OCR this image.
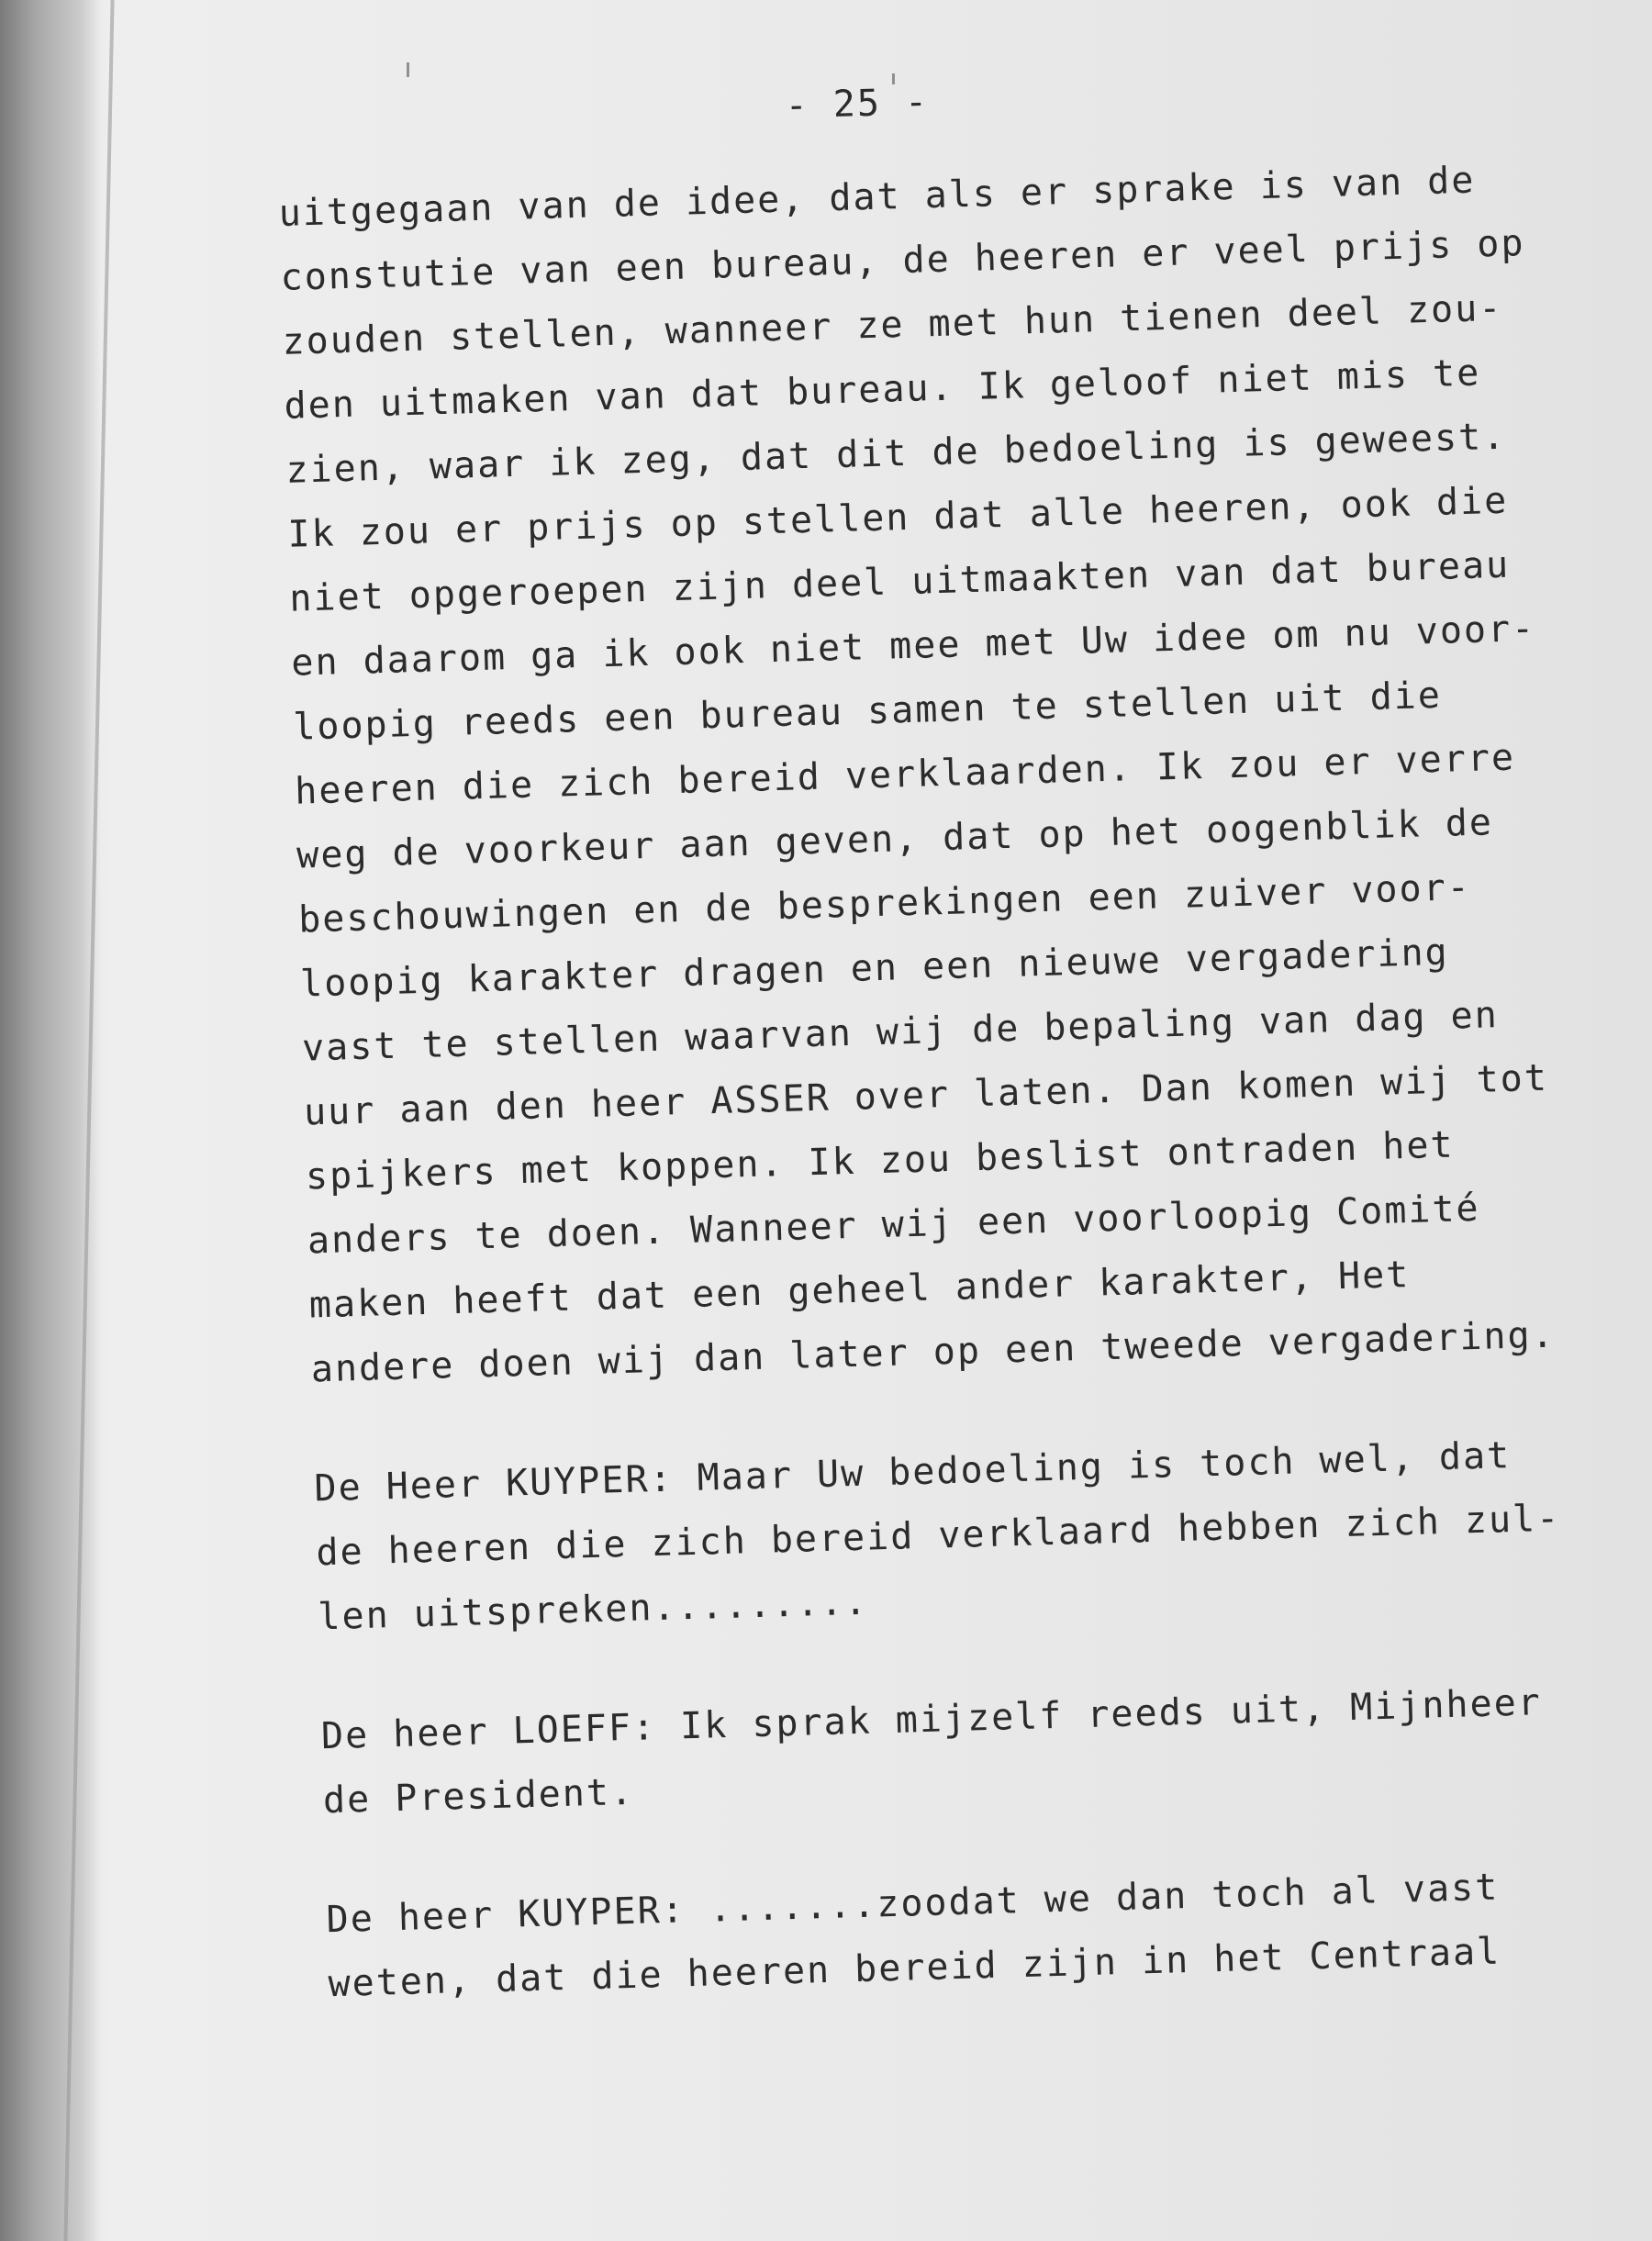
- 25 -
uitgegaan van de idee, dat als er sprake is van de
constutie van een bureau, de heeren er veel prijs op
zouden stellen, wanneer ze met hun tienen deel zou-
den uitmaken van dat bureau. Ik geloof niet mis te
zien, waar ik zeg, dat dit de bedoeling is geweest.
Ik zou er prijs op stellen dat alle heeren, ook die
niet opgeroepen zijn deel uitmaakten van dat bureau
en daarom ga ik ook niet mee met Uw idee om nu voor-
loopig reeds een bureau samen te stellen uit die
heeren die zich bereid verklaarden. Ik zou er verre
weg de voorkeur aan geven, dat op het oogenblik de
beschouwingen en de besprekingen een zuiver voor-
loopig karakter dragen en een nieuwe vergadering
vast te stellen waarvan wij de bepaling van dag en
uur aan den heer ASSER over laten. Dan komen wij tot
spijkers met koppen. Ik zou beslist ontraden het
anders te doen. Wanneer wij een voorloopig Comité
maken heeft dat een geheel ander karakter, Het
andere doen wij dan later op een tweede vergadering.
De Heer KUYPER: Maar Uw bedoeling is toch wel, dat
de heeren die zich bereid verklaard hebben zich zul-
len uitspreken.........
De heer LOEFF: Ik sprak mijzelf reeds uit, Mijnheer
de President.
De heer KUYPER: .......zoodat we dan toch al vast
weten, dat die heeren bereid zijn in het Centraal
